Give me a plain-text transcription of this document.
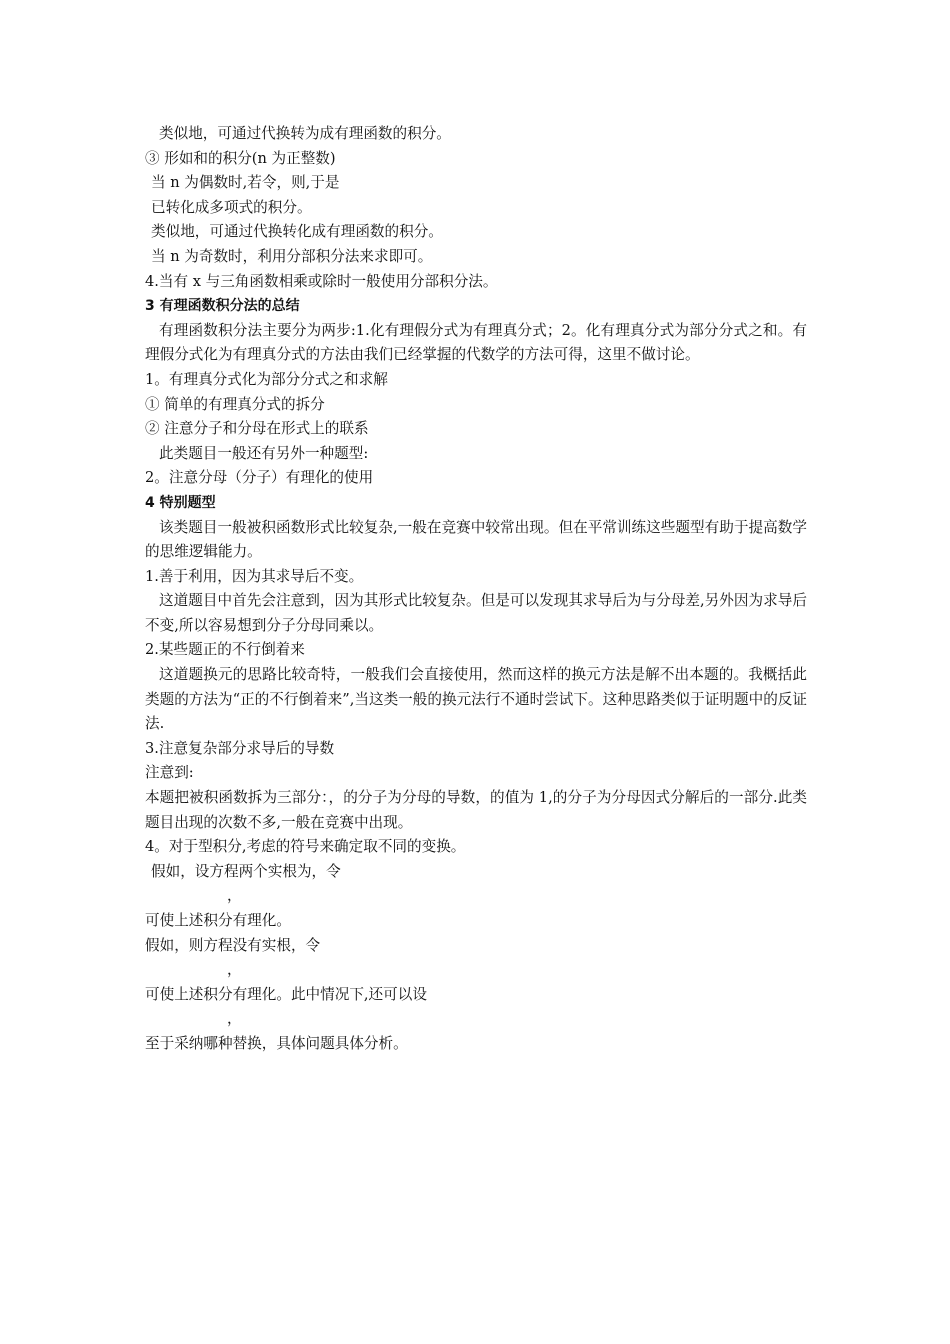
类似地，可通过代换转为成有理函数的积分。
③ 形如和的积分(n 为正整数)
当 n 为偶数时,若令，则,于是
已转化成多项式的积分。
类似地，可通过代换转化成有理函数的积分。
当 n 为奇数时，利用分部积分法来求即可。
4.当有 x 与三角函数相乘或除时一般使用分部积分法。
3 有理函数积分法的总结
有理函数积分法主要分为两步:1.化有理假分式为有理真分式；2。化有理真分式为部分分式之和。有理假分式化为有理真分式的方法由我们已经掌握的代数学的方法可得，这里不做讨论。
1。有理真分式化为部分分式之和求解
① 简单的有理真分式的拆分
② 注意分子和分母在形式上的联系
此类题目一般还有另外一种题型:
2。注意分母（分子）有理化的使用
4 特别题型
该类题目一般被积函数形式比较复杂,一般在竞赛中较常出现。但在平常训练这些题型有助于提高数学的思维逻辑能力。
1.善于利用，因为其求导后不变。
这道题目中首先会注意到，因为其形式比较复杂。但是可以发现其求导后为与分母差,另外因为求导后不变,所以容易想到分子分母同乘以。
2.某些题正的不行倒着来
这道题换元的思路比较奇特，一般我们会直接使用，然而这样的换元方法是解不出本题的。我概括此类题的方法为“正的不行倒着来”,当这类一般的换元法行不通时尝试下。这种思路类似于证明题中的反证法.
3.注意复杂部分求导后的导数
注意到:
本题把被积函数拆为三部分：，的分子为分母的导数，的值为 1,的分子为分母因式分解后的一部分.此类题目出现的次数不多,一般在竞赛中出现。
4。对于型积分,考虑的符号来确定取不同的变换。
假如，设方程两个实根为，令
，
可使上述积分有理化。
假如，则方程没有实根，令
，
可使上述积分有理化。此中情况下,还可以设
，
至于采纳哪种替换，具体问题具体分析。
